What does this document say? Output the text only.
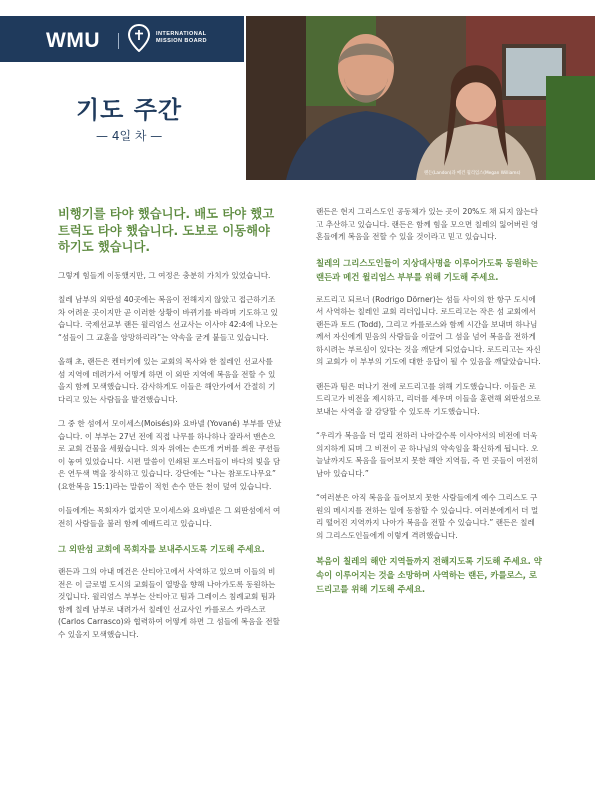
WMU	INTERNATIONAL
MISSION BOARD
랜든(Landon)과 메건 윌리엄스(Megan Williams)
기도 주간
— 4일 차 —

비행기를 타야 했습니다. 배도 타야 했고 트럭도 타야 했습니다. 도보로 이동해야 하기도 했습니다.

그렇게 힘들게 이동했지만, 그 여정은 충분히 가치가 있었습니다.

칠레 남부의 외딴섬 40곳에는 복음이 전해지지 않았고 접근하기조차 어려운 곳이지만 곧 이러한 상황이 바뀌기를 바라며 기도하고 있습니다. 국제선교부 랜든 윌리엄스 선교사는 이사야 42:4에 나오는 “섬들이 그 교훈을 앙망하리라”는 약속을 굳게 붙들고 있습니다.

올해 초, 랜든은 켄터키에 있는 교회의 목사와 한 칠레인 선교사를 섬 지역에 데려가서 어떻게 하면 이 외딴 지역에 복음을 전할 수 있을지 함께 모색했습니다. 감사하게도 이들은 해안가에서 간절히 기다리고 있는 사람들을 발견했습니다.

그 중 한 섬에서 모이세스(Moisés)와 요바넬 (Yované) 부부를 만났습니다. 이 부부는 27년 전에 직접 나무를 하나하나 잘라서 맨손으로 교회 건물을 세웠습니다. 의자 위에는 손뜨개 커버를 씌운 쿠션들이 놓여 있었습니다. 시편 말씀이 인쇄된 포스터들이 바다의 빛을 담은 연두색 벽을 장식하고 있습니다. 강단에는 “나는 참포도나무요” (요한복음 15:1)라는 말씀이 적힌 손수 만든 천이 덮여 있습니다.

이들에게는 목회자가 없지만 모이세스와 요바넬은 그 외딴섬에서 여전히 사람들을 불러 함께 예배드리고 있습니다.

그 외딴섬 교회에 목회자를 보내주시도록 기도해 주세요.

랜든과 그의 아내 메건은 산티아고에서 사역하고 있으며 이들의 비전은 이 글로벌 도시의 교회들이 열방을 향해 나아가도록 동원하는 것입니다. 윌리엄스 부부는 산티아고 팀과 그레이스 침례교회 팀과 함께 칠레 남부로 내려가서 칠레인 선교사인 카를로스 카라스코 (Carlos Carrasco)와 협력하여 어떻게 하면 그 섬들에 복음을 전할 수 있을지 모색했습니다.

랜든은 현지 그리스도인 공동체가 있는 곳이 20%도 채 되지 않는다고 추산하고 있습니다. 랜든은 함께 힘을 모으면 칠레의 잃어버린 영혼들에게 복음을 전할 수 있을 것이라고 믿고 있습니다.

칠레의 그리스도인들이 지상대사명을 이루어가도록 동원하는 랜든과 메건 윌리엄스 부부를 위해 기도해 주세요.

로드리고 되르너 (Rodrigo Dörner)는 섬들 사이의 한 항구 도시에서 사역하는 칠레인 교회 리더입니다. 로드리고는 작은 섬 교회에서 랜든과 토드 (Todd), 그리고 카를로스와 함께 시간을 보내며 하나님께서 자신에게 믿음의 사람들을 이끌어 그 섬을 넘어 복음을 전하게 하시려는 부르심이 있다는 것을 깨닫게 되었습니다. 로드리고는 자신의 교회가 이 부부의 기도에 대한 응답이 될 수 있음을 깨달았습니다.

랜든과 팀은 떠나기 전에 로드리고를 위해 기도했습니다. 이들은 로드리고가 비전을 제시하고, 리더를 세우며 이들을 훈련해 외딴섬으로 보내는 사역을 잘 감당할 수 있도록 기도했습니다.

“우리가 복음을 더 멀리 전하러 나아갈수록 이사야서의 비전에 더욱 의지하게 되며 그 비전이 곧 하나님의 약속임을 확신하게 됩니다. 오늘날까지도 복음을 들어보지 못한 해안 지역들, 즉 먼 곳들이 여전히 남아 있습니다.”

“여러분은 아직 복음을 들어보지 못한 사람들에게 예수 그리스도 구원의 메시지를 전하는 일에 동참할 수 있습니다. 여러분에게서 더 멀리 떨어진 지역까지 나아가 복음을 전할 수 있습니다.” 랜든은 칠레의 그리스도인들에게 이렇게 격려했습니다.

복음이 칠레의 해안 지역들까지 전해지도록 기도해 주세요. 약속이 이루어지는 것을 소망하며 사역하는 랜든, 카를로스, 로드리고를 위해 기도해 주세요.
